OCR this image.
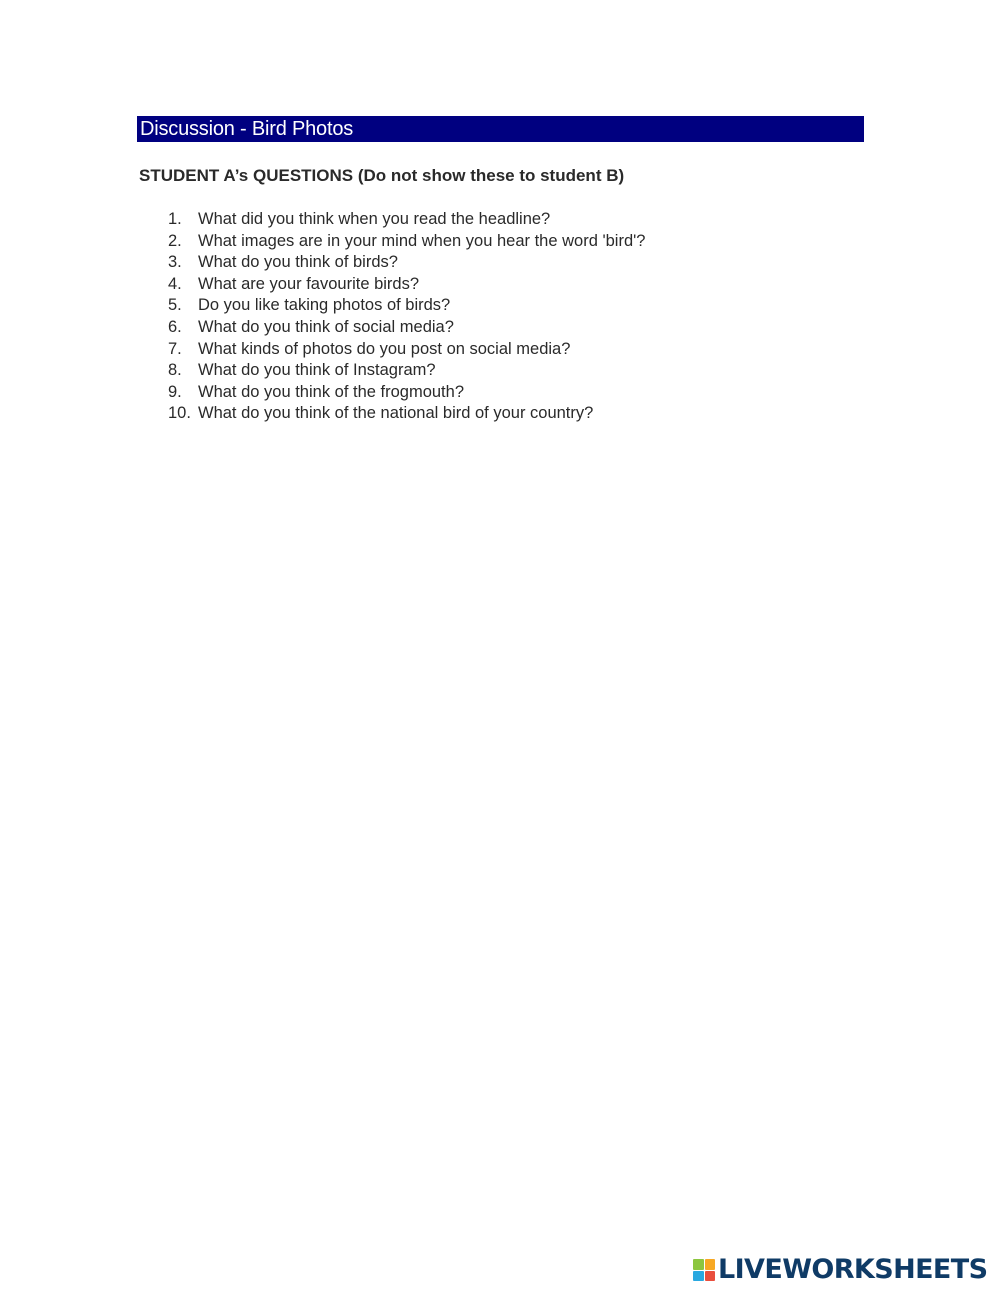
Discussion - Bird Photos
STUDENT A’s QUESTIONS (Do not show these to student B)
1. What did you think when you read the headline?
2. What images are in your mind when you hear the word 'bird'?
3. What do you think of birds?
4. What are your favourite birds?
5. Do you like taking photos of birds?
6. What do you think of social media?
7. What kinds of photos do you post on social media?
8. What do you think of Instagram?
9. What do you think of the frogmouth?
10. What do you think of the national bird of your country?
LIVEWORKSHEETS
